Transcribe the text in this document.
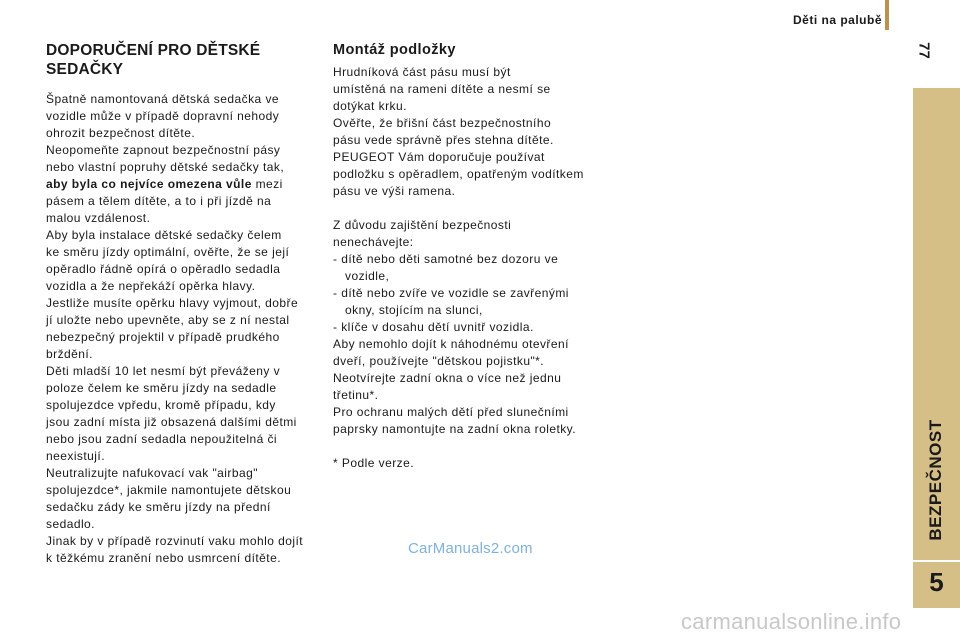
Děti na palubě
77
BEZPEČNOST
5
DOPORUČENÍ PRO DĚTSKÉ
SEDAČKY
Špatně namontovaná dětská sedačka ve
vozidle může v případě dopravní nehody
ohrozit bezpečnost dítěte.
Neopomeňte zapnout bezpečnostní pásy
nebo vlastní popruhy dětské sedačky tak,
aby byla co nejvíce omezena vůle mezi
pásem a tělem dítěte, a to i při jízdě na
malou vzdálenost.
Aby byla instalace dětské sedačky čelem
ke směru jízdy optimální, ověřte, že se její
opěradlo řádně opírá o opěradlo sedadla
vozidla a že nepřekáží opěrka hlavy.
Jestliže musíte opěrku hlavy vyjmout, dobře
jí uložte nebo upevněte, aby se z ní nestal
nebezpečný projektil v případě prudkého
brždění.
Děti mladší 10 let nesmí být převáženy v
poloze čelem ke směru jízdy na sedadle
spolujezdce vpředu, kromě případu, kdy
jsou zadní místa již obsazená dalšími dětmi
nebo jsou zadní sedadla nepoužitelná či
neexistují.
Neutralizujte nafukovací vak "airbag"
spolujezdce*, jakmile namontujete dětskou
sedačku zády ke směru jízdy na přední
sedadlo.
Jinak by v případě rozvinutí vaku mohlo dojít
k těžkému zranění nebo usmrcení dítěte.
Montáž podložky
Hrudníková část pásu musí být
umístěná na rameni dítěte a nesmí se
dotýkat krku.
Ověřte, že břišní část bezpečnostního
pásu vede správně přes stehna dítěte.
PEUGEOT Vám doporučuje používat
podložku s opěradlem, opatřeným vodítkem
pásu ve výši ramena.
Z důvodu zajištění bezpečnosti
nenechávejte:
- dítě nebo děti samotné bez dozoru ve
vozidle,
- dítě nebo zvíře ve vozidle se zavřenými
okny, stojícím na slunci,
- klíče v dosahu dětí uvnitř vozidla.
Aby nemohlo dojít k náhodnému otevření
dveří, používejte "dětskou pojistku"*.
Neotvírejte zadní okna o více než jednu
třetinu*.
Pro ochranu malých dětí před slunečními
paprsky namontujte na zadní okna roletky.
* Podle verze.
CarManuals2.com
carmanualsonline.info
